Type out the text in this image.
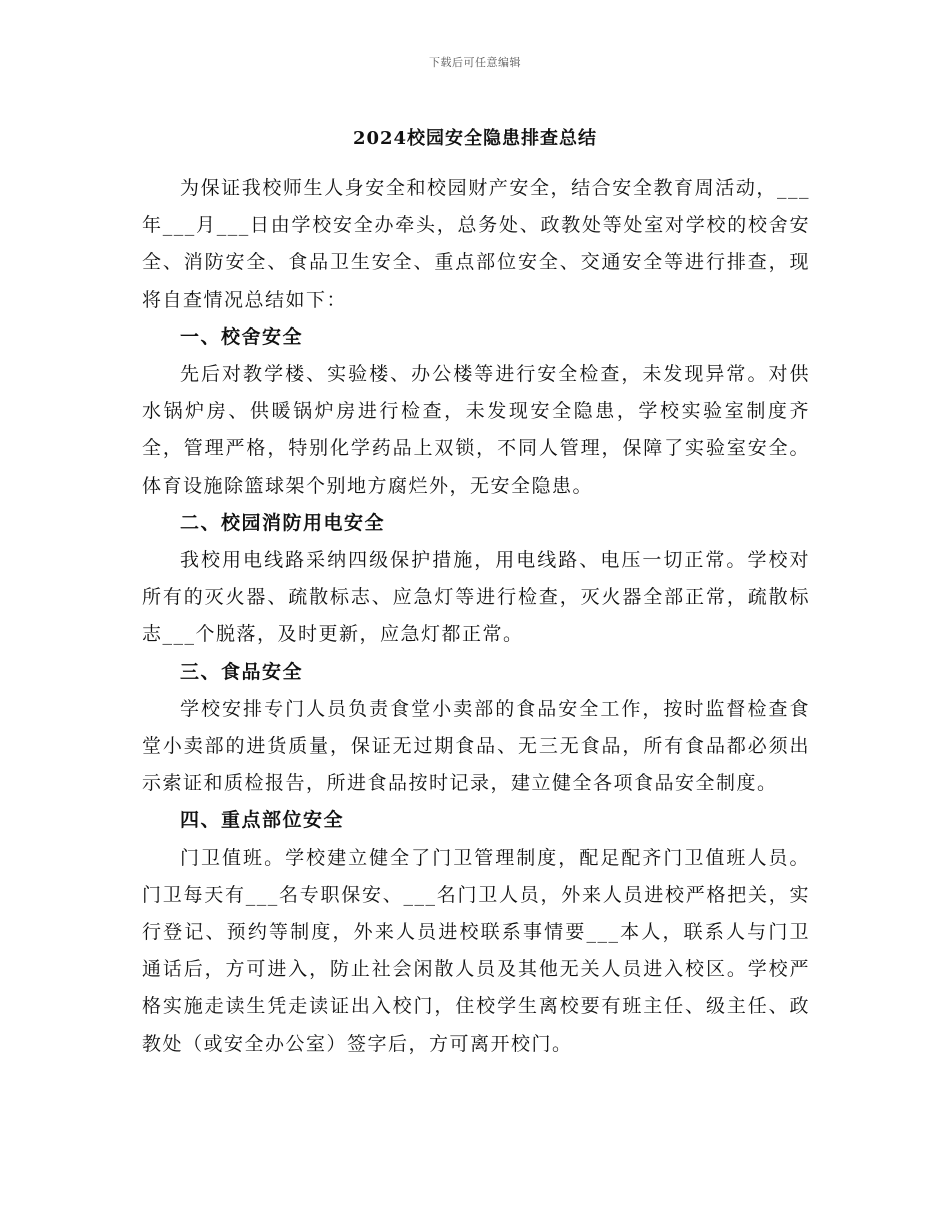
下载后可任意编辑
2024校园安全隐患排查总结

为保证我校师生人身安全和校园财产安全，结合安全教育周活动，___年___月___日由学校安全办牵头，总务处、政教处等处室对学校的校舍安全、消防安全、食品卫生安全、重点部位安全、交通安全等进行排查，现将自查情况总结如下：

一、校舍安全

先后对教学楼、实验楼、办公楼等进行安全检查，未发现异常。对供水锅炉房、供暖锅炉房进行检查，未发现安全隐患，学校实验室制度齐全，管理严格，特别化学药品上双锁，不同人管理，保障了实验室安全。体育设施除篮球架个别地方腐烂外，无安全隐患。

二、校园消防用电安全

我校用电线路采纳四级保护措施，用电线路、电压一切正常。学校对所有的灭火器、疏散标志、应急灯等进行检查，灭火器全部正常，疏散标志___个脱落，及时更新，应急灯都正常。

三、食品安全

学校安排专门人员负责食堂小卖部的食品安全工作，按时监督检查食堂小卖部的进货质量，保证无过期食品、无三无食品，所有食品都必须出示索证和质检报告，所进食品按时记录，建立健全各项食品安全制度。

四、重点部位安全

门卫值班。学校建立健全了门卫管理制度，配足配齐门卫值班人员。门卫每天有___名专职保安、___名门卫人员，外来人员进校严格把关，实行登记、预约等制度，外来人员进校联系事情要___本人，联系人与门卫通话后，方可进入，防止社会闲散人员及其他无关人员进入校区。学校严格实施走读生凭走读证出入校门，住校学生离校要有班主任、级主任、政教处（或安全办公室）签字后，方可离开校门。
